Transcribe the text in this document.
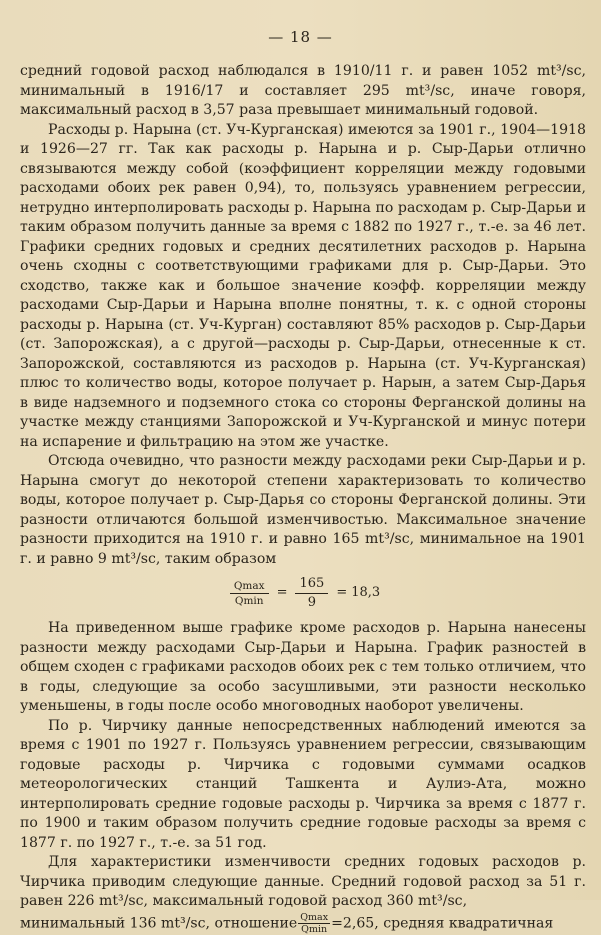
— 18 —

средний годовой расход наблюдался в 1910/11 г. и равен 1052 mt³/sc, минимальный в 1916/17 и составляет 295 mt³/sc, иначе говоря, максимальный расход в 3,57 раза превышает минимальный годовой.

Расходы р. Нарына (ст. Уч-Курганская) имеются за 1901 г., 1904—1918 и 1926—27 гг. Так как расходы р. Нарына и р. Сыр-Дарьи отлично связываются между собой (коэффициент корреляции между годовыми расходами обоих рек равен 0,94), то, пользуясь уравнением регрессии, нетрудно интерполировать расходы р. Нарына по расходам р. Сыр-Дарьи и таким образом получить данные за время с 1882 по 1927 г., т.-е. за 46 лет. Графики средних годовых и средних десятилетних расходов р. Нарына очень сходны с соответствующими графиками для р. Сыр-Дарьи. Это сходство, также как и большое значение коэфф. корреляции между расходами Сыр-Дарьи и Нарына вполне понятны, т. к. с одной стороны расходы р. Нарына (ст. Уч-Курган) составляют 85% расходов р. Сыр-Дарьи (ст. Запорожская), а с другой—расходы р. Сыр-Дарьи, отнесенные к ст. Запорожской, составляются из расходов р. Нарына (ст. Уч-Курганская) плюс то количество воды, которое получает р. Нарын, а затем Сыр-Дарья в виде надземного и подземного стока со стороны Ферганской долины на участке между станциями Запорожской и Уч-Курганской и минус потери на испарение и фильтрацию на этом же участке.

Отсюда очевидно, что разности между расходами реки Сыр-Дарьи и р. Нарына смогут до некоторой степени характеризовать то количество воды, которое получает р. Сыр-Дарья со стороны Ферганской долины. Эти разности отличаются большой изменчивостью. Максимальное значение разности приходится на 1910 г. и равно 165 mt³/sc, минимальное на 1901 г. и равно 9 mt³/sc, таким образом

$\frac{Qmax}{Qmin} = \frac{165}{9} = 18,3$

На приведенном выше графике кроме расходов р. Нарына нанесены разности между расходами Сыр-Дарьи и Нарына. График разностей в общем сходен с графиками расходов обоих рек с тем только отличием, что в годы, следующие за особо засушливыми, эти разности несколько уменьшены, в годы после особо многоводных наоборот увеличены.

По р. Чирчику данные непосредственных наблюдений имеются за время с 1901 по 1927 г. Пользуясь уравнением регрессии, связывающим годовые расходы р. Чирчика с годовыми суммами осадков метеорологических станций Ташкента и Аулиэ-Ата, можно интерполировать средние годовые расходы р. Чирчика за время с 1877 г. по 1900 и таким образом получить средние годовые расходы за время с 1877 г. по 1927 г., т.-е. за 51 год.

Для характеристики изменчивости средних годовых расходов р. Чирчика приводим следующие данные. Средний годовой расход за 51 г. равен 226 mt³/sc, максимальный годовой расход 360 mt³/sc,

минимальный 136 mt³/sc, отношение $\frac{Qmax}{Qmin} =2,65$, средняя квадратичная
